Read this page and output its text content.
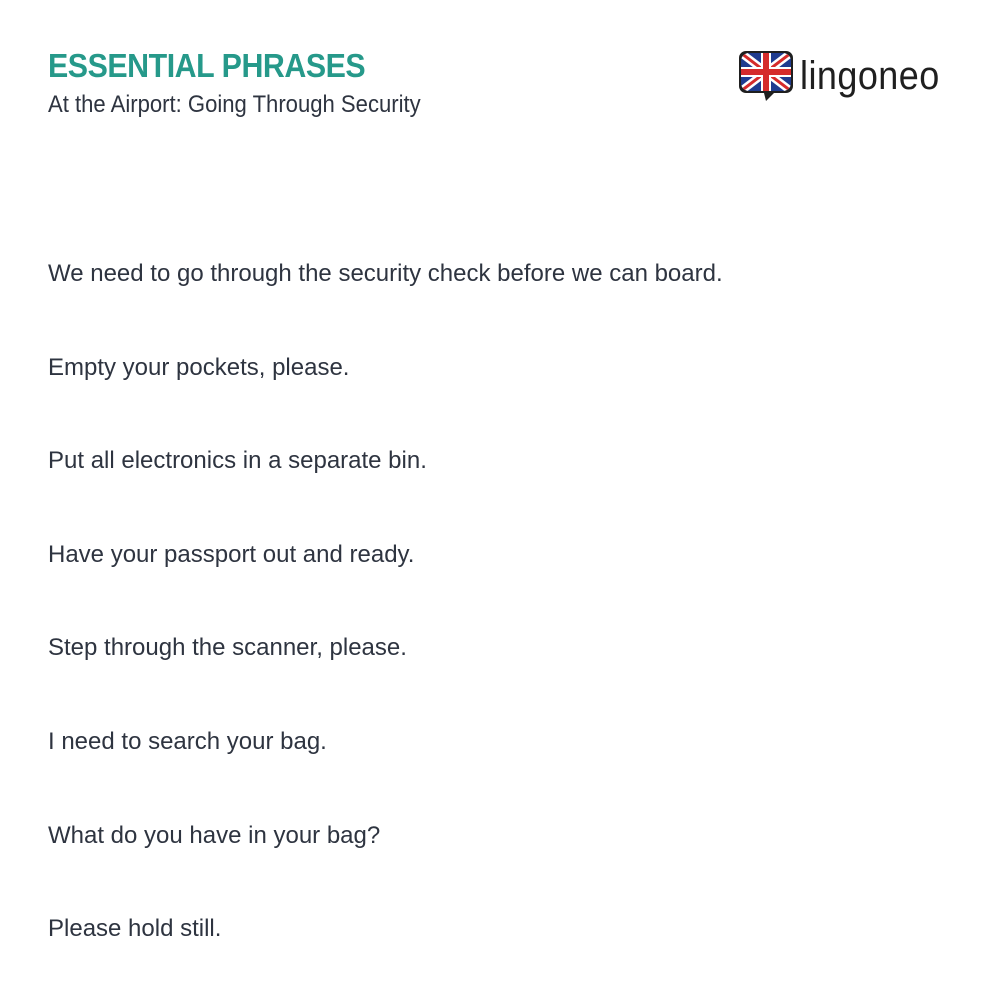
ESSENTIAL PHRASES
At the Airport: Going Through Security
lingoneo
We need to go through the security check before we can board.
Empty your pockets, please.
Put all electronics in a separate bin.
Have your passport out and ready.
Step through the scanner, please.
I need to search your bag.
What do you have in your bag?
Please hold still.
